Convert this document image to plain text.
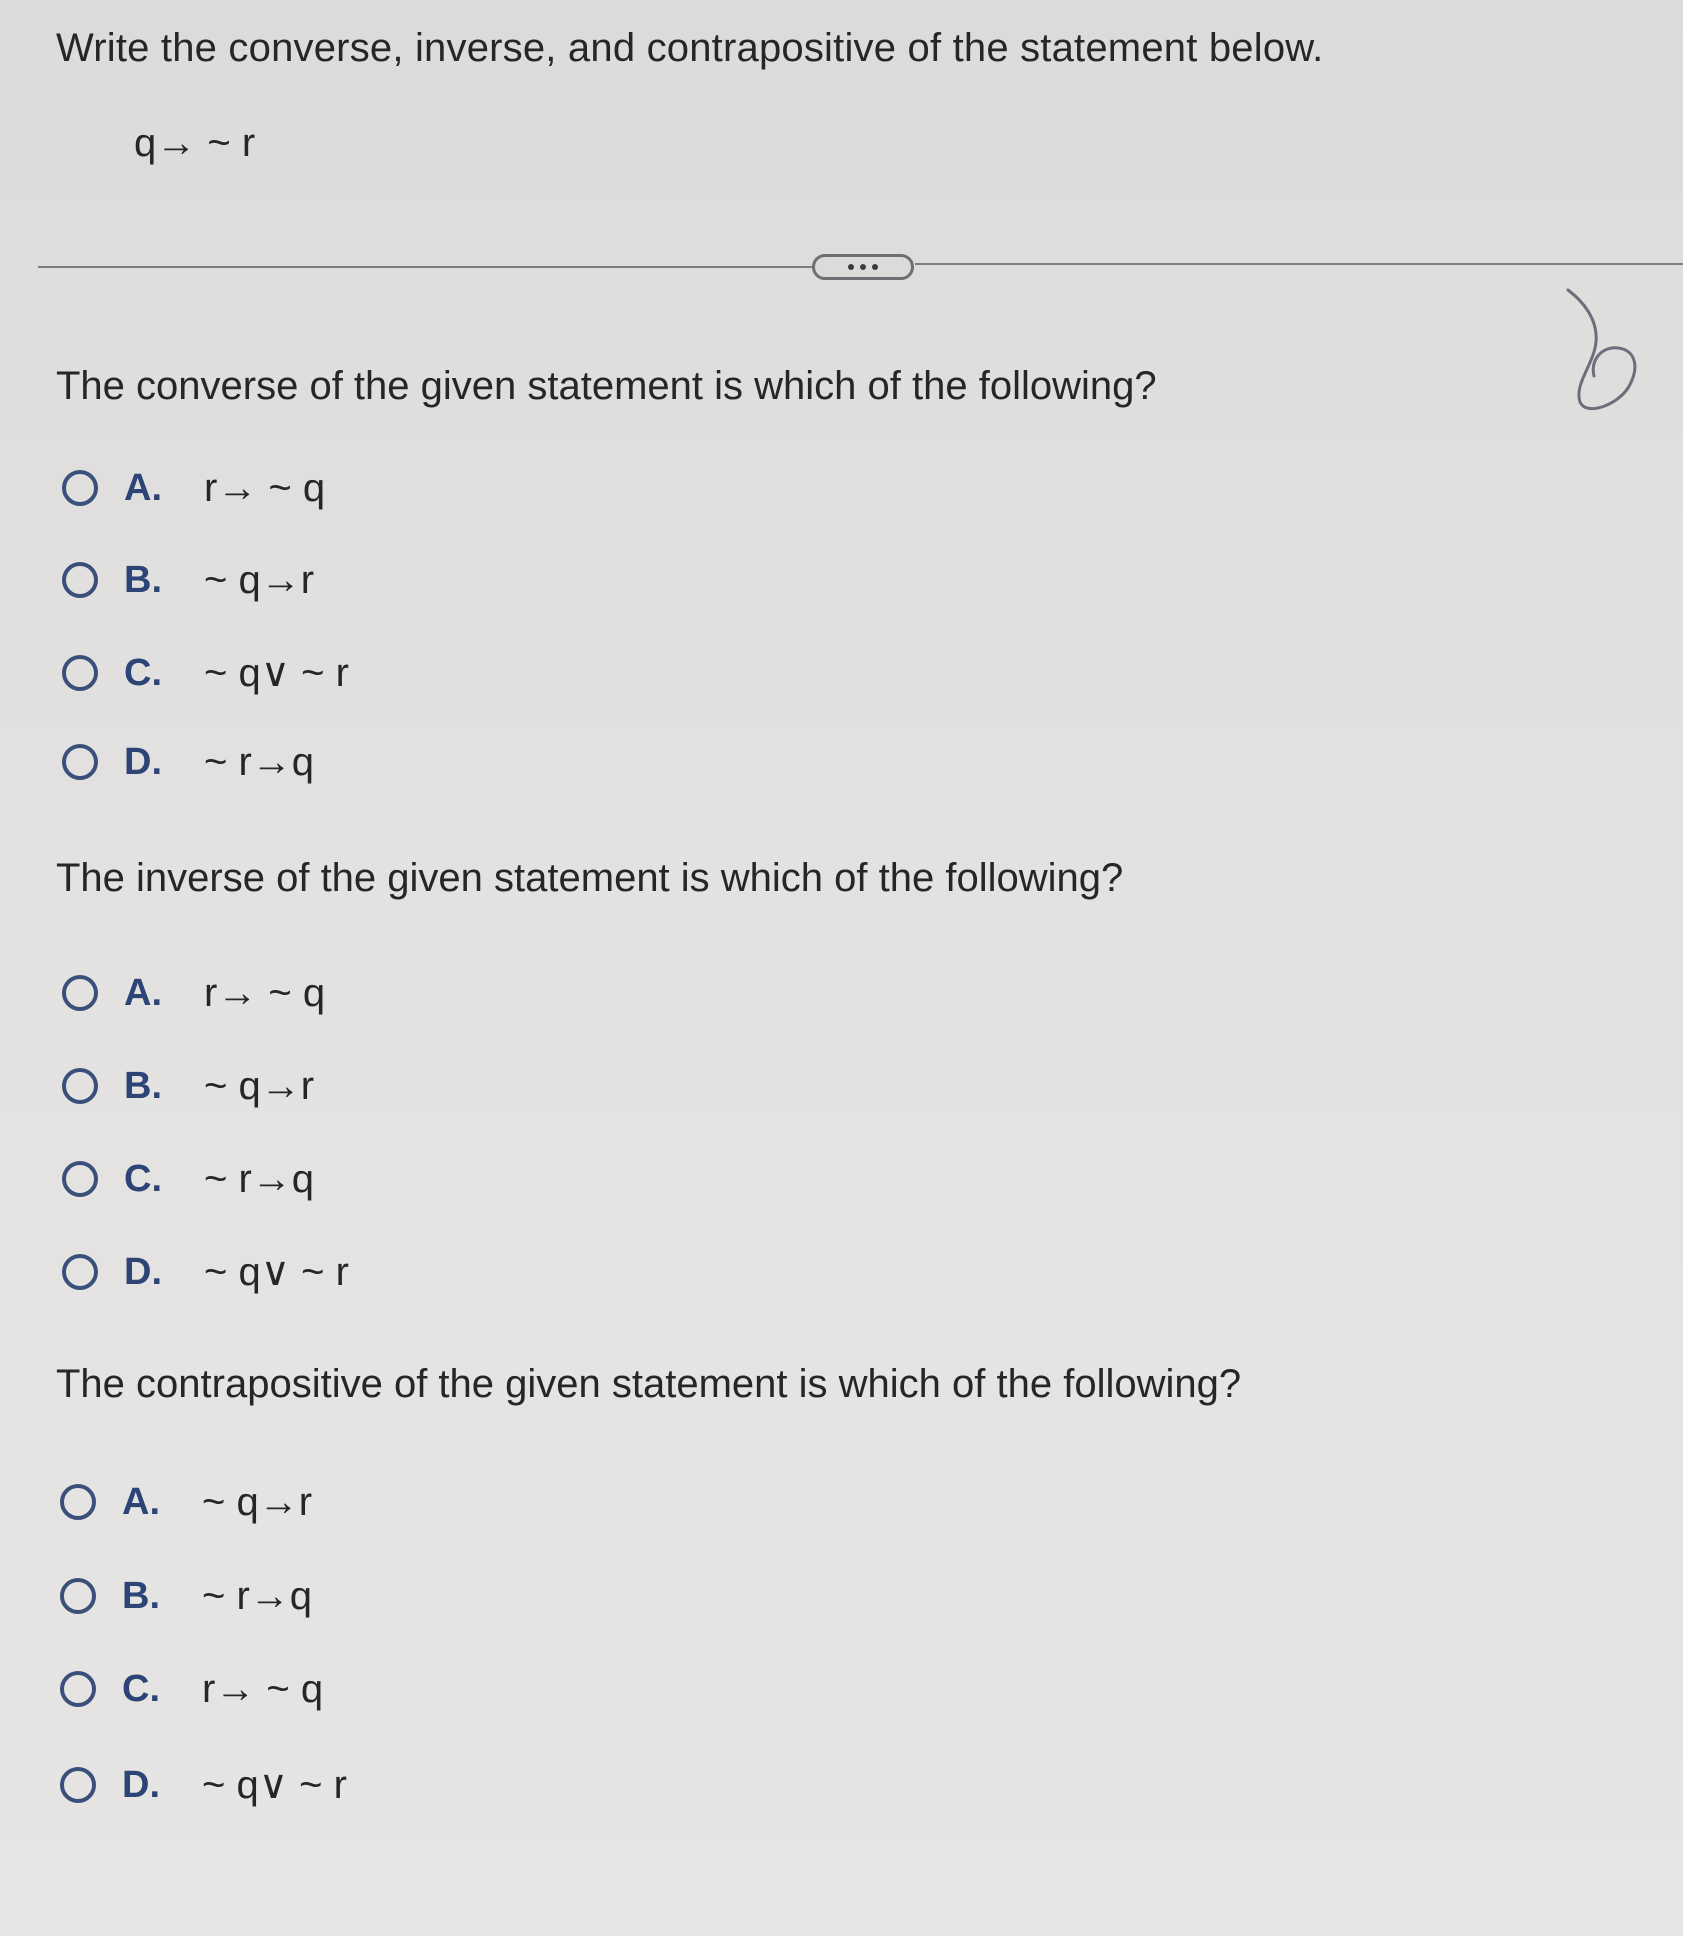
Write the converse, inverse, and contrapositive of the statement below.
q→ ~ r
The converse of the given statement is which of the following?
A.	r→ ~ q
B.	~ q→r
C.	~ q∨ ~ r
D.	~ r→q
The inverse of the given statement is which of the following?
A.	r→ ~ q
B.	~ q→r
C.	~ r→q
D.	~ q∨ ~ r
The contrapositive of the given statement is which of the following?
A.	~ q→r
B.	~ r→q
C.	r→ ~ q
D.	~ q∨ ~ r
